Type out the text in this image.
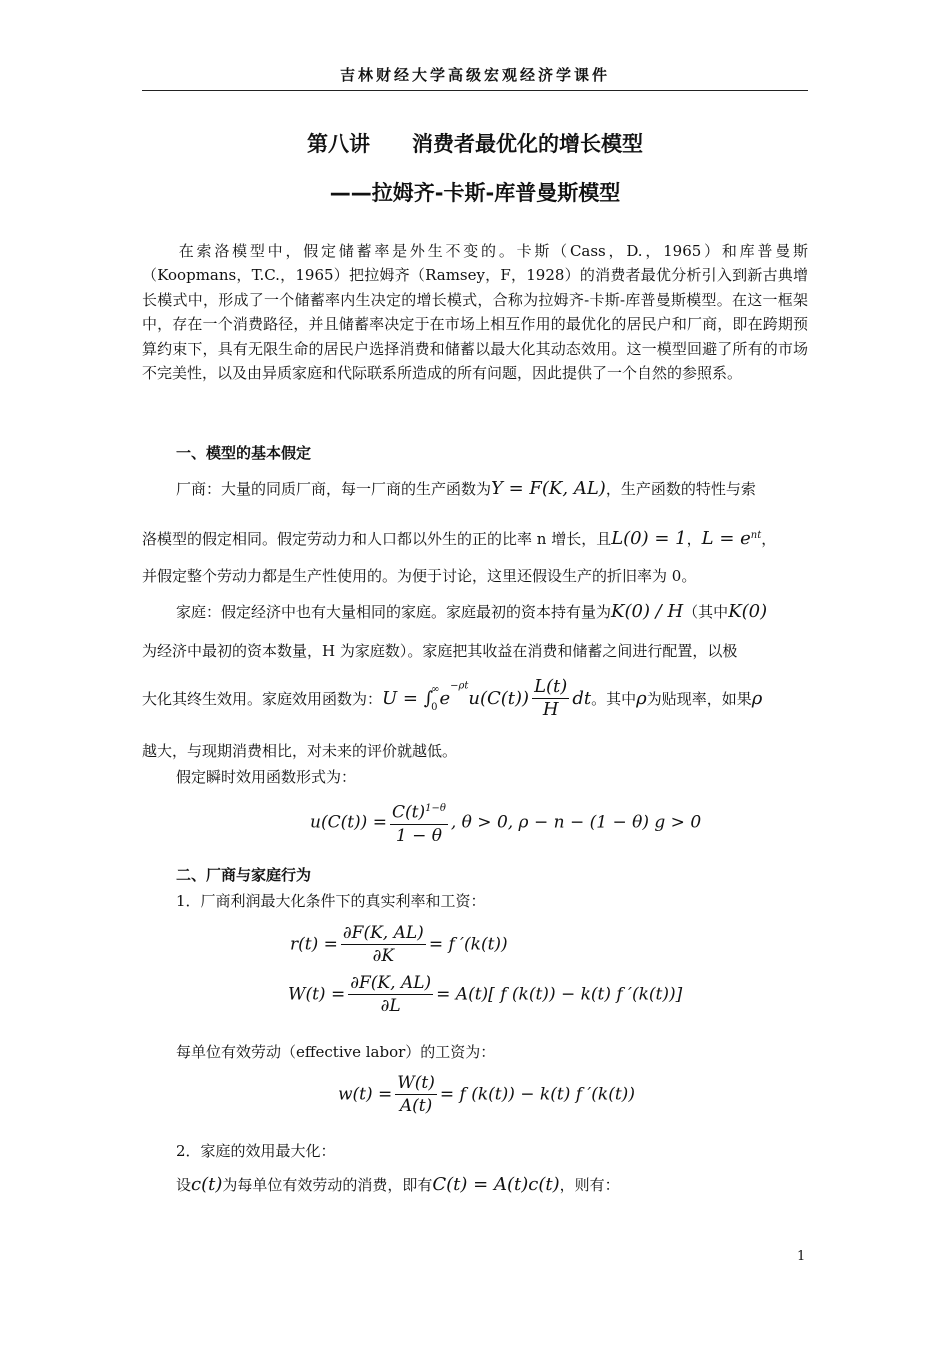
吉林财经大学高级宏观经济学课件
第八讲 消费者最优化的增长模型
——拉姆齐-卡斯-库普曼斯模型
在索洛模型中，假定储蓄率是外生不变的。卡斯（Cass，D.，1965）和库普曼斯（Koopmans，T.C.，1965）把拉姆齐（Ramsey，F，1928）的消费者最优分析引入到新古典增长模式中，形成了一个储蓄率内生决定的增长模式，合称为拉姆齐-卡斯-库普曼斯模型。在这一框架中，存在一个消费路径，并且储蓄率决定于在市场上相互作用的最优化的居民户和厂商，即在跨期预算约束下，具有无限生命的居民户选择消费和储蓄以最大化其动态效用。这一模型回避了所有的市场不完美性，以及由异质家庭和代际联系所造成的所有问题，因此提供了一个自然的参照系。
一、模型的基本假定
厂商：大量的同质厂商，每一厂商的生产函数为Y = F(K, AL)，生产函数的特性与索
洛模型的假定相同。假定劳动力和人口都以外生的正的比率 n 增长，且L(0) = 1，$L = e^{nt}$，
并假定整个劳动力都是生产性使用的。为便于讨论，这里还假设生产的折旧率为 0。
家庭：假定经济中也有大量相同的家庭。家庭最初的资本持有量为K(0) / H（其中K(0)
为经济中最初的资本数量，H 为家庭数）。家庭把其收益在消费和储蓄之间进行配置，以极
大化其终生效用。家庭效用函数为：U = ∫
∞
0 $e^{-\rho t}u(C(t)) \frac{L(t)}{H}$ dt。其中ρ为贴现率，如果ρ
越大，与现期消费相比，对未来的评价就越低。
假定瞬时效用函数形式为：
$u(C(t)) = \frac{C(t)^{1-\theta}}{1 - \theta}$ , θ > 0, ρ − n − (1 − θ) g > 0
二、厂商与家庭行为
1．厂商利润最大化条件下的真实利率和工资：
$r(t) = \frac{\partial F(K, AL)}{\partial K} = f$ ′(k(t))
$W(t) = \frac{\partial F(K, AL)}{\partial L} = A(t)$[ f (k(t)) − k(t) f ′(k(t))]
每单位有效劳动（effective labor）的工资为：
$w(t) = \frac{W(t)}{A(t)} = f$ (k(t)) − k(t) f ′(k(t))
2．家庭的效用最大化：
设c(t)为每单位有效劳动的消费，即有C(t) = A(t)c(t)，则有：
1
